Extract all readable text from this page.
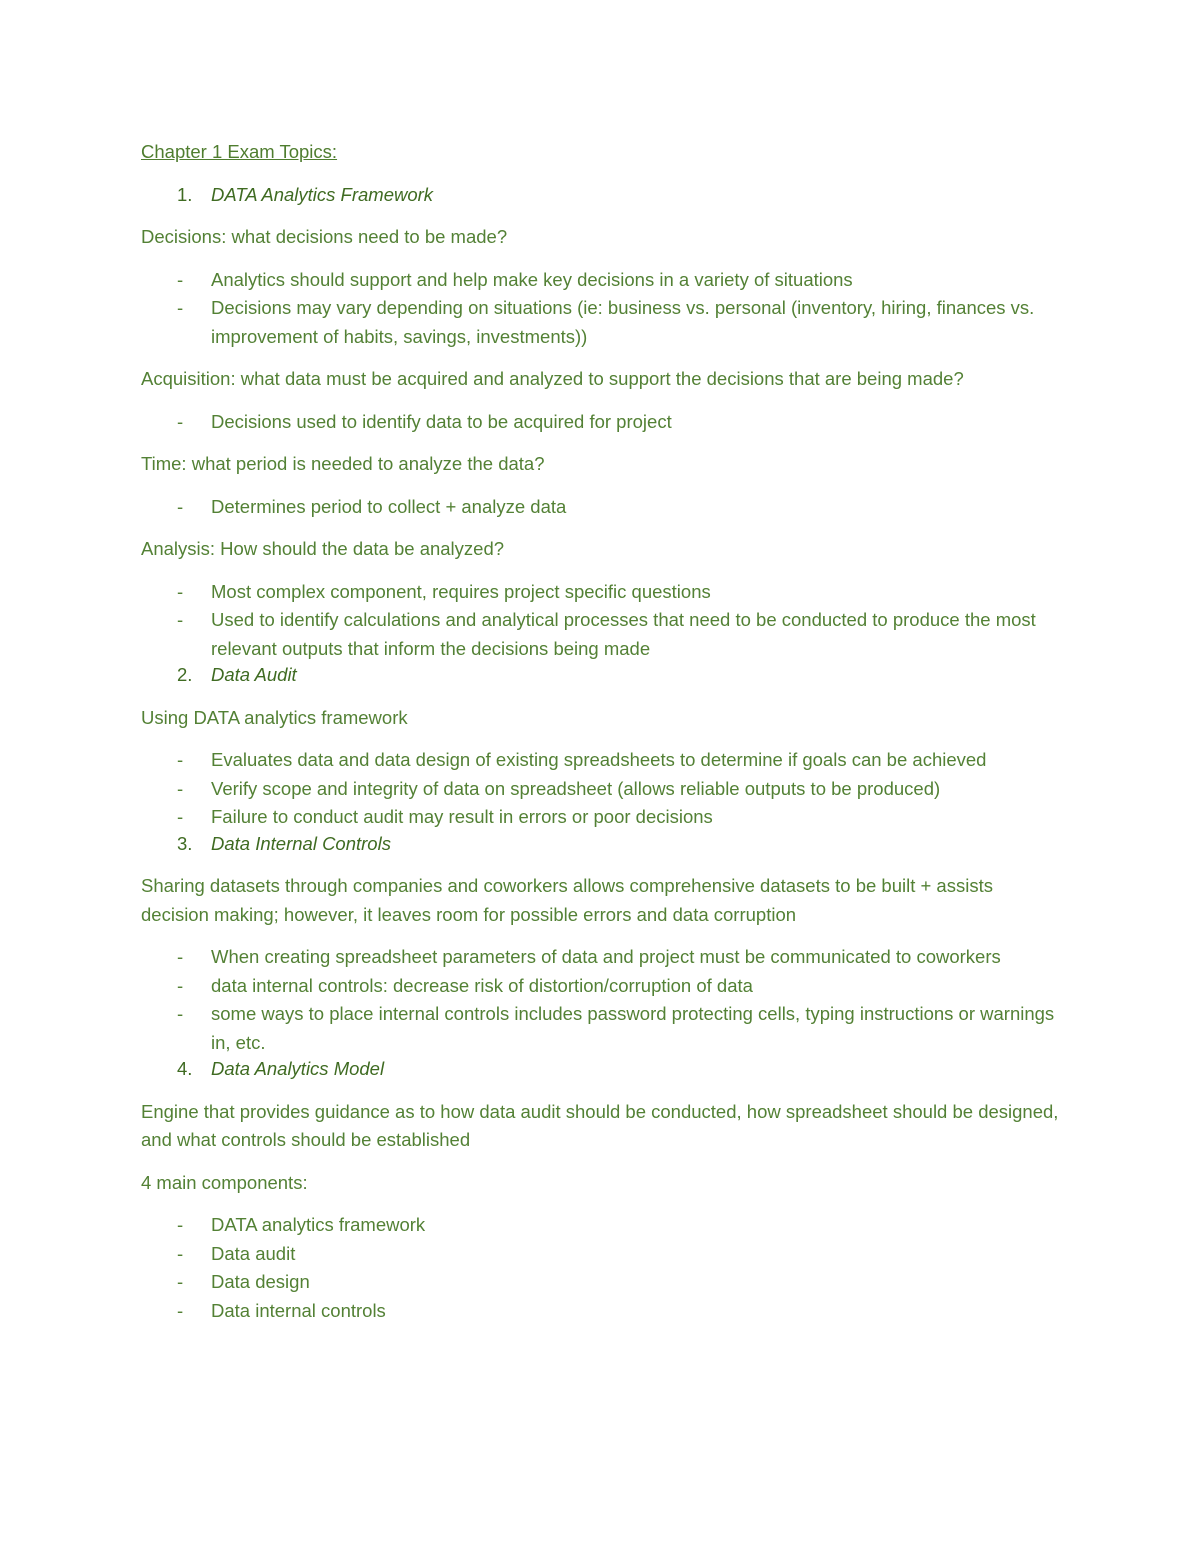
Chapter 1 Exam Topics:
1.	DATA Analytics Framework
Decisions: what decisions need to be made?
-	Analytics should support and help make key decisions in a variety of situations
-	Decisions may vary depending on situations (ie: business vs. personal (inventory, hiring, finances vs. improvement of habits, savings, investments))
Acquisition: what data must be acquired and analyzed to support the decisions that are being made?
-	Decisions used to identify data to be acquired for project
Time: what period is needed to analyze the data?
-	Determines period to collect + analyze data
Analysis: How should the data be analyzed?
-	Most complex component, requires project specific questions
-	Used to identify calculations and analytical processes that need to be conducted to produce the most relevant outputs that inform the decisions being made
2.	Data Audit
Using DATA analytics framework
-	Evaluates data and data design of existing spreadsheets to determine if goals can be achieved
-	Verify scope and integrity of data on spreadsheet (allows reliable outputs to be produced)
-	Failure to conduct audit may result in errors or poor decisions
3.	Data Internal Controls
Sharing datasets through companies and coworkers allows comprehensive datasets to be built + assists decision making; however, it leaves room for possible errors and data corruption
-	When creating spreadsheet parameters of data and project must be communicated to coworkers
-	data internal controls: decrease risk of distortion/corruption of data
-	some ways to place internal controls includes password protecting cells, typing instructions or warnings in, etc.
4.	Data Analytics Model
Engine that provides guidance as to how data audit should be conducted, how spreadsheet should be designed, and what controls should be established
4 main components:
-	DATA analytics framework
-	Data audit
-	Data design
-	Data internal controls
